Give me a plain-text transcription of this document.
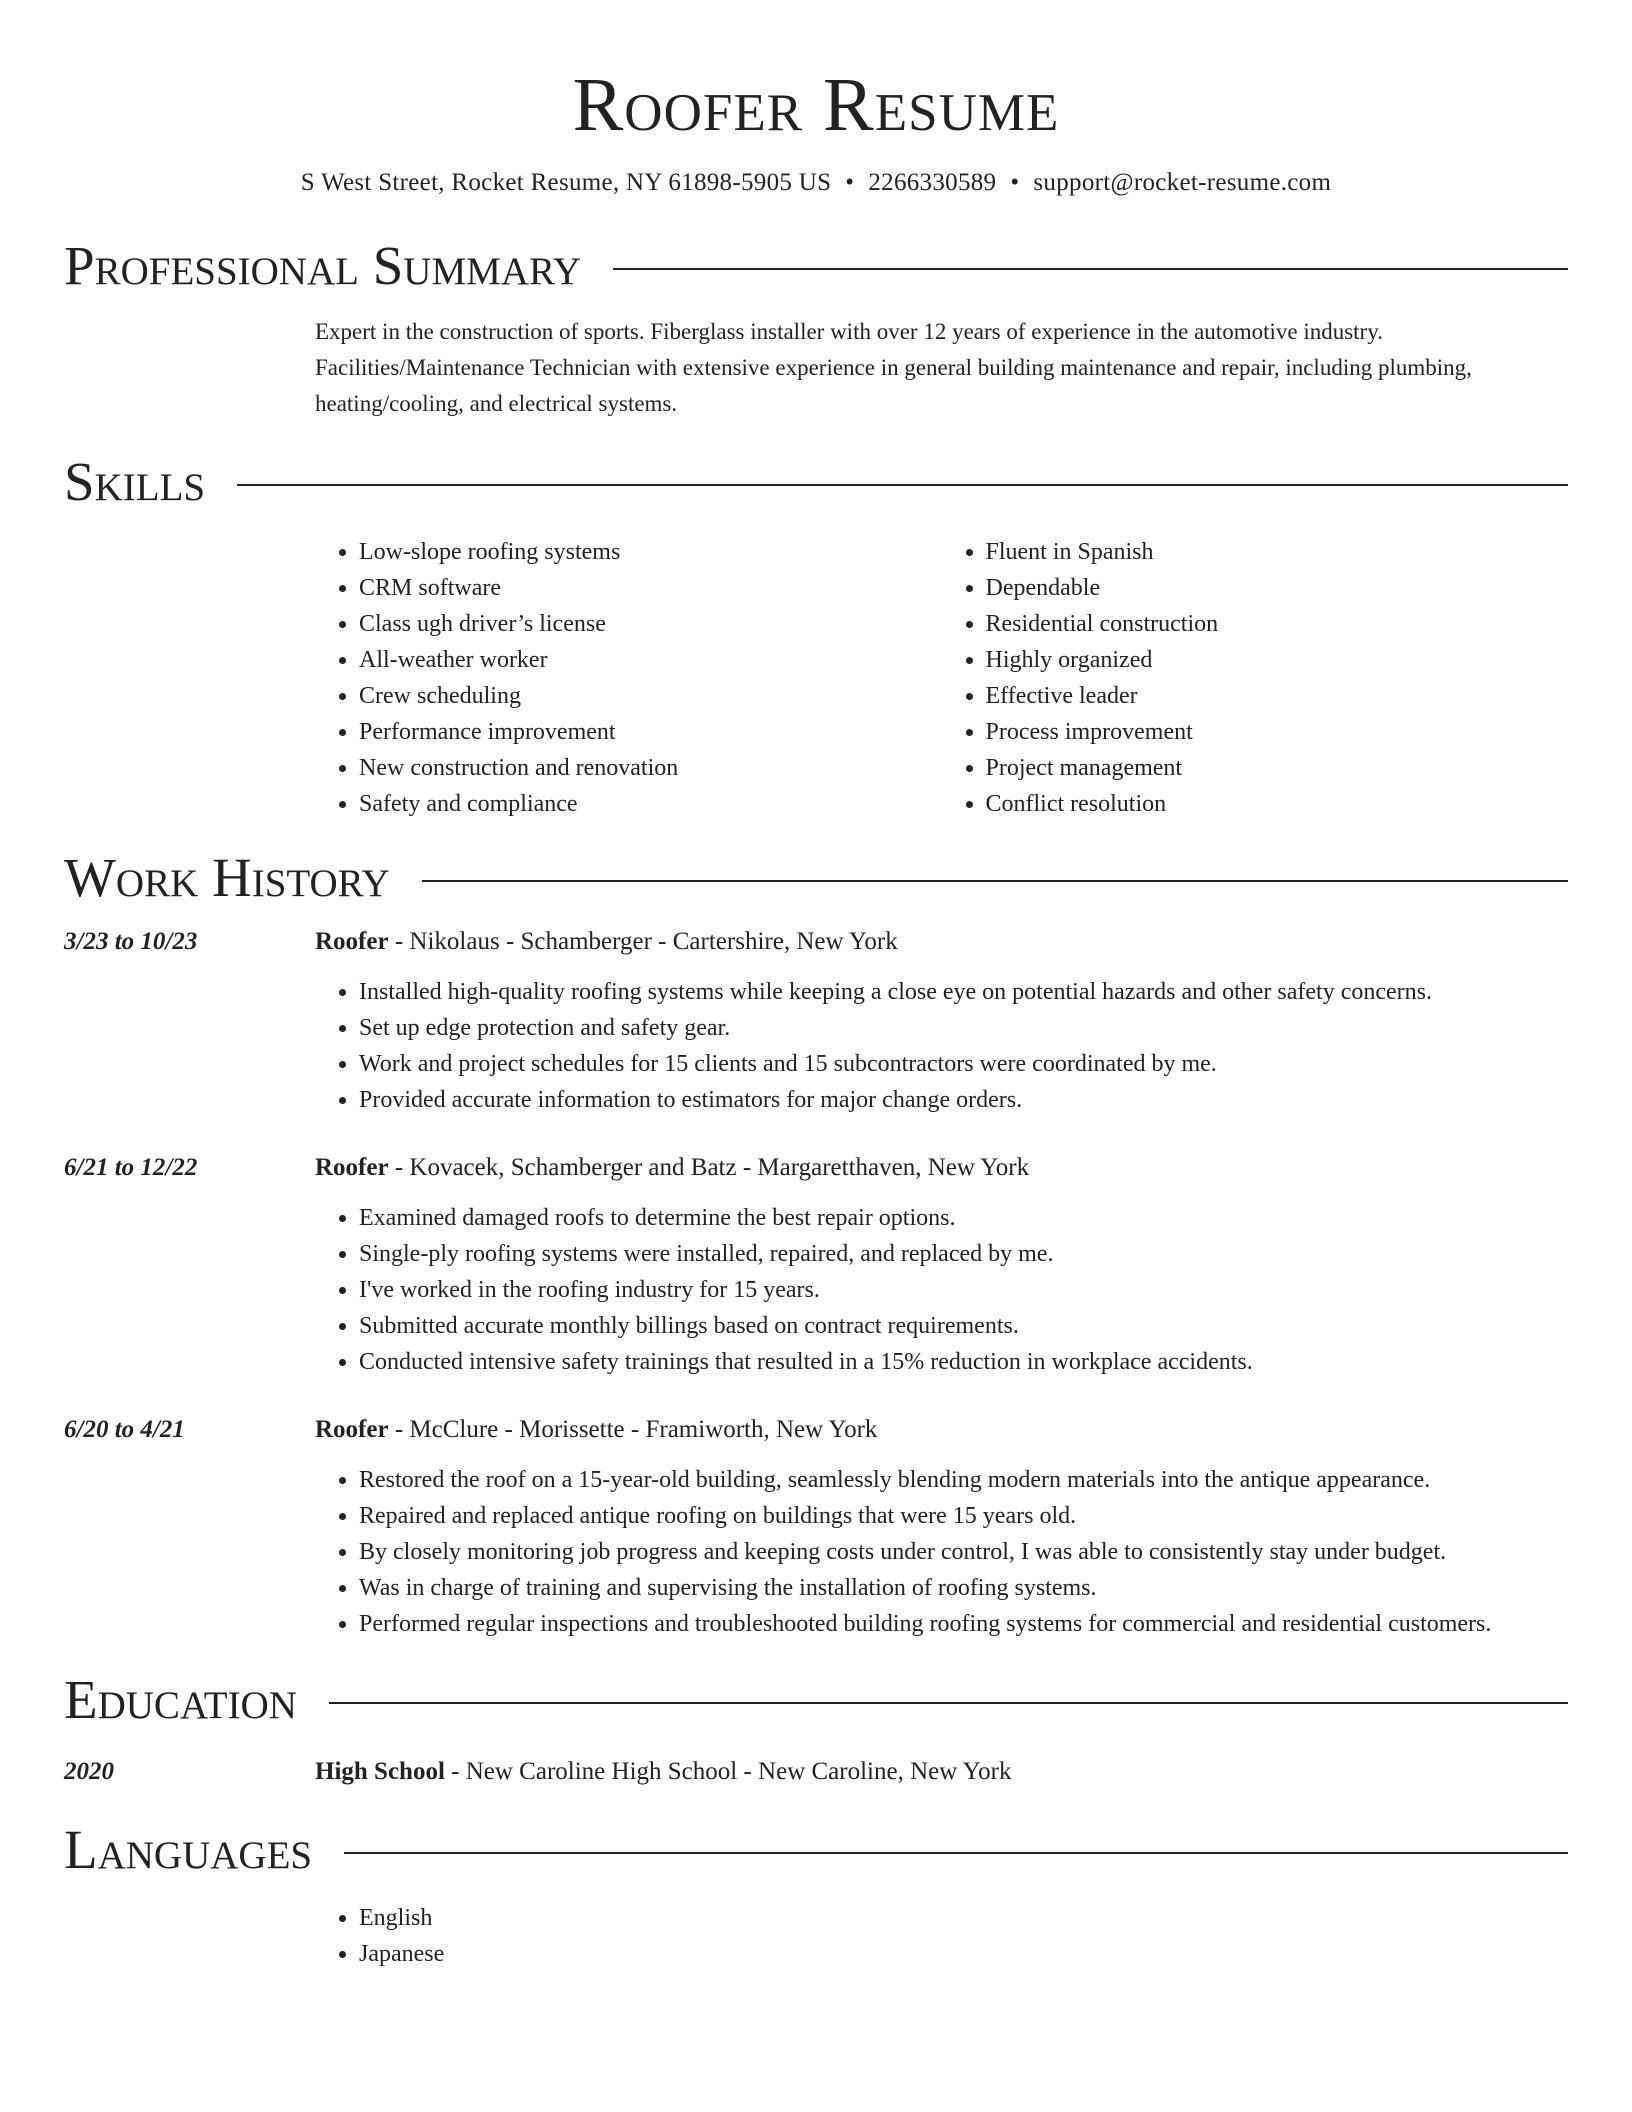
Roofer Resume
S West Street, Rocket Resume, NY 61898-5905 US • 2266330589 • support@rocket-resume.com
Professional Summary
Expert in the construction of sports. Fiberglass installer with over 12 years of experience in the automotive industry. Facilities/Maintenance Technician with extensive experience in general building maintenance and repair, including plumbing, heating/cooling, and electrical systems.
Skills
• Low-slope roofing systems
• CRM software
• Class ugh driver’s license
• All-weather worker
• Crew scheduling
• Performance improvement
• New construction and renovation
• Safety and compliance
• Fluent in Spanish
• Dependable
• Residential construction
• Highly organized
• Effective leader
• Process improvement
• Project management
• Conflict resolution
Work History
3/23 to 10/23	Roofer - Nikolaus - Schamberger - Cartershire, New York
• Installed high-quality roofing systems while keeping a close eye on potential hazards and other safety concerns.
• Set up edge protection and safety gear.
• Work and project schedules for 15 clients and 15 subcontractors were coordinated by me.
• Provided accurate information to estimators for major change orders.
6/21 to 12/22	Roofer - Kovacek, Schamberger and Batz - Margaretthaven, New York
• Examined damaged roofs to determine the best repair options.
• Single-ply roofing systems were installed, repaired, and replaced by me.
• I've worked in the roofing industry for 15 years.
• Submitted accurate monthly billings based on contract requirements.
• Conducted intensive safety trainings that resulted in a 15% reduction in workplace accidents.
6/20 to 4/21	Roofer - McClure - Morissette - Framiworth, New York
• Restored the roof on a 15-year-old building, seamlessly blending modern materials into the antique appearance.
• Repaired and replaced antique roofing on buildings that were 15 years old.
• By closely monitoring job progress and keeping costs under control, I was able to consistently stay under budget.
• Was in charge of training and supervising the installation of roofing systems.
• Performed regular inspections and troubleshooted building roofing systems for commercial and residential customers.
Education
2020	High School - New Caroline High School - New Caroline, New York
Languages
• English
• Japanese
